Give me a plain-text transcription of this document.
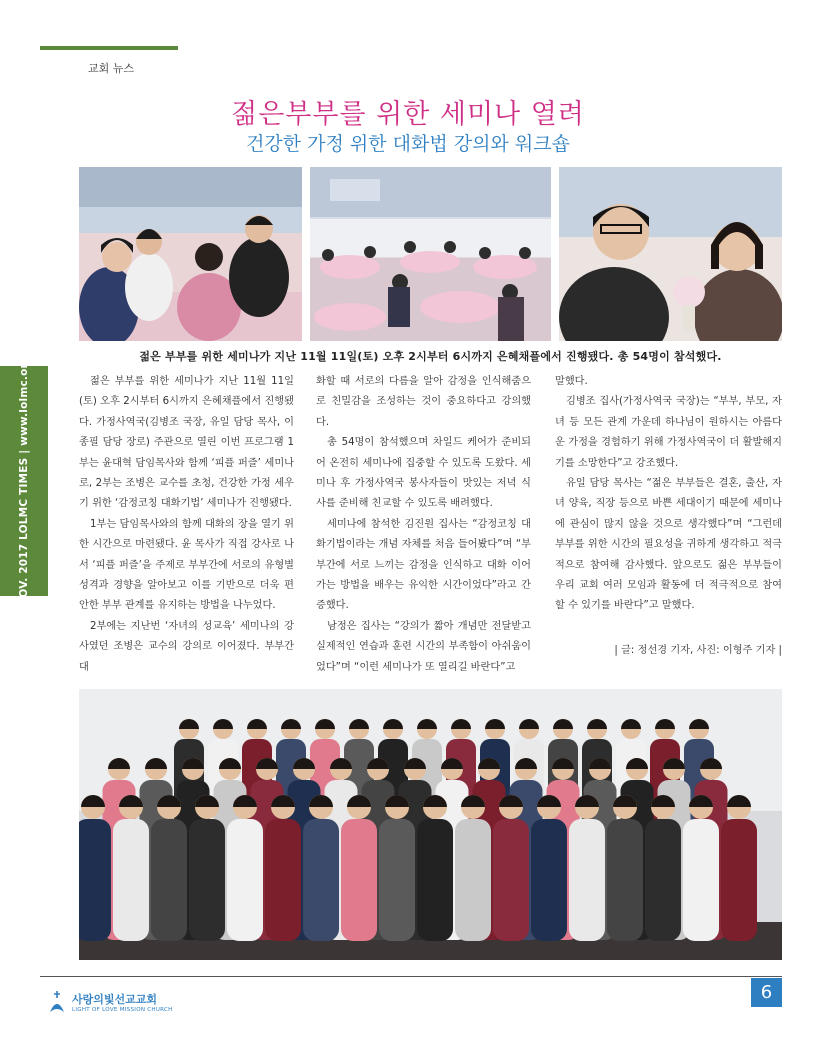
교회 뉴스
젊은부부를 위한 세미나 열려
건강한 가정 위한 대화법 강의와 워크숍
젊은 부부를 위한 세미나가 지난 11월 11일(토) 오후 2시부터 6시까지 은혜채플에서 진행됐다. 총 54명이 참석했다.
NOV. 2017 LOLMC TIMES | www.lolmc.org	젊은 부부를 위한 세미나가 지난 11월 11일(토) 오후 2시부터 6시까지 은혜채플에서 진행됐다. 가정사역국(김병조 국장, 유일 담당 목사, 이종필 담당 장로) 주관으로 열린 이번 프로그램 1부는 윤대혁 담임목사와 함께 ‘피플 퍼즐’ 세미나로, 2부는 조병은 교수를 초청, 건강한 가정 세우기 위한 ‘감정코칭 대화기법’ 세미나가 진행됐다.

1부는 담임목사와의 함께 대화의 장을 열기 위한 시간으로 마련됐다. 윤 목사가 직접 강사로 나서 ‘피플 퍼즐’을 주제로 부부간에 서로의 유형별 성격과 경향을 알아보고 이를 기반으로 더욱 편안한 부부 관계를 유지하는 방법을 나누었다.

2부에는 지난번 ‘자녀의 성교육’ 세미나의 강사였던 조병은 교수의 강의로 이어졌다. 부부간 대

화할 때 서로의 다름을 알아 감정을 인식해줌으로 친밀감을 조성하는 것이 중요하다고 강의했다.

총 54명이 참석했으며 차일드 케어가 준비되어 온전히 세미나에 집중할 수 있도록 도왔다. 세미나 후 가정사역국 봉사자들이 맛있는 저녁 식사를 준비해 친교할 수 있도록 배려했다.

세미나에 참석한 김진원 집사는 “감정코칭 대화기법이라는 개념 자체를 처음 들어봤다”며 “부부간에 서로 느끼는 감정을 인식하고 대화 이어가는 방법을 배우는 유익한 시간이었다”라고 간증했다.

남정은 집사는 “강의가 짧아 개념만 전달받고 실제적인 연습과 훈련 시간의 부족함이 아쉬움이었다”며 “이런 세미나가 또 열리길 바란다”고

말했다.

김병조 집사(가정사역국 국장)는 “부부, 부모, 자녀 등 모든 관계 가운데 하나님이 원하시는 아름다운 가정을 경험하기 위해 가정사역국이 더 활발해지기를 소망한다”고 강조했다.

유일 담당 목사는 “젊은 부부들은 결혼, 출산, 자녀 양육, 직장 등으로 바쁜 세대이기 때문에 세미나에 관심이 많지 않을 것으로 생각했다”며 “그런데 부부를 위한 시간의 필요성을 귀하게 생각하고 적극적으로 참여해 감사했다. 앞으로도 젊은 부부들이 우리 교회 여러 모임과 활동에 더 적극적으로 참여할 수 있기를 바란다”고 말했다.

| 글: 정선경 기자, 사진: 이형주 기자 |
사랑의빛선교교회
LIGHT OF LOVE MISSION CHURCH
6
